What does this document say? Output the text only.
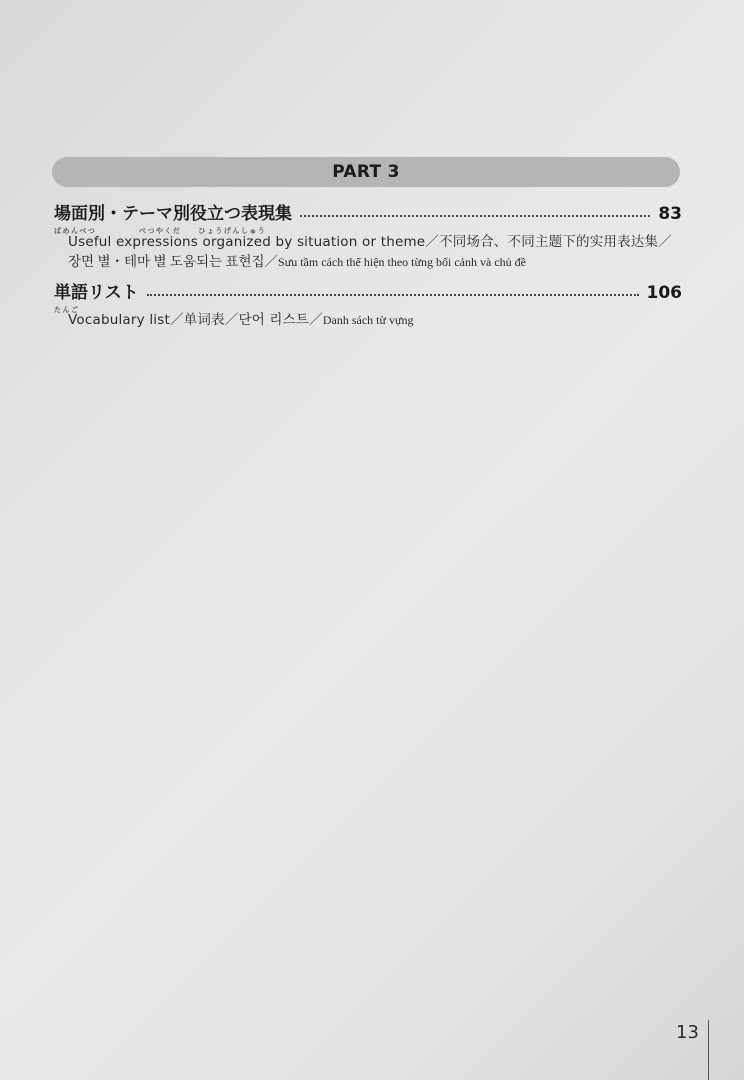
PART 3
場面別・テーマ別役立つ表現集
ばめんべつ　　　　　べつやくだ　　ひょうげんしゅう
83
Useful expressions organized by situation or theme／不同场合、不同主题下的实用表达集／
장면 별・테마 별 도움되는 표현집／Sưu tầm cách thể hiện theo từng bối cảnh và chủ đề
単語リスト
たんご
106
Vocabulary list／单词表／단어 리스트／Danh sách từ vựng
13
